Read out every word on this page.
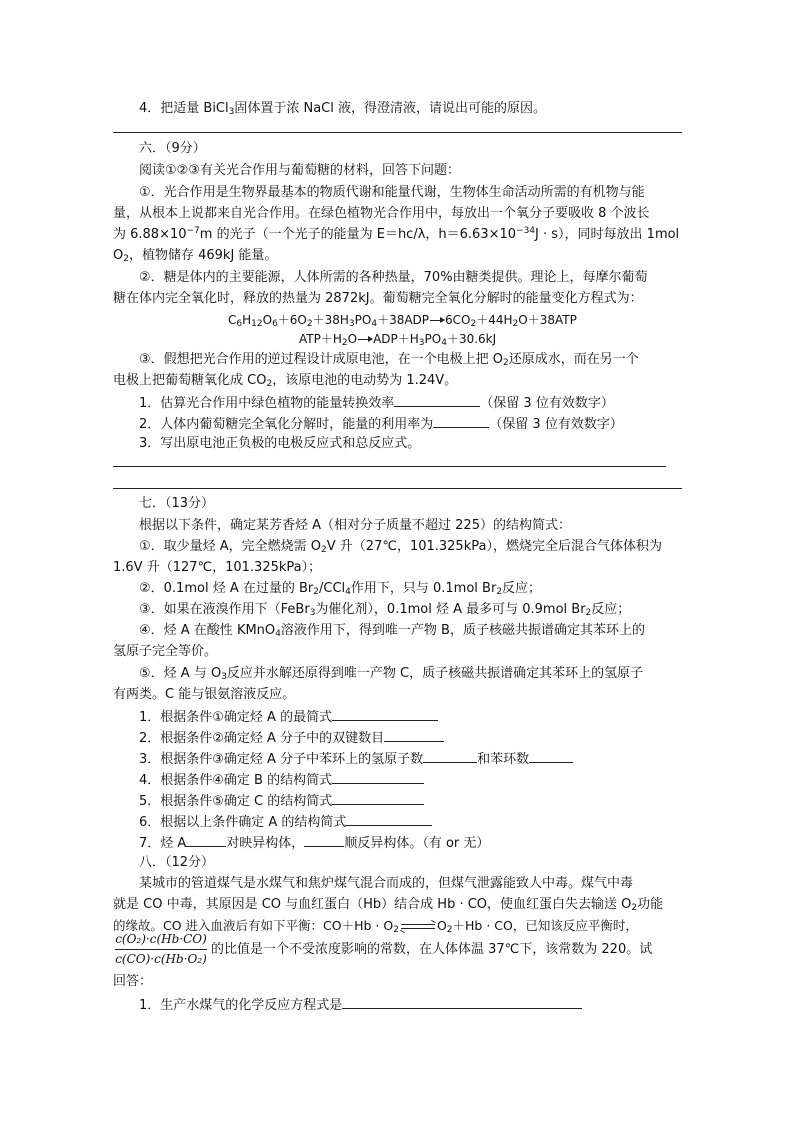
4．把适量 BiCl$_3$固体置于浓 NaCl 液，得澄清液，请说出可能的原因。
六．（9分）
阅读①②③有关光合作用与葡萄糖的材料，回答下问题：
①．光合作用是生物界最基本的物质代谢和能量代谢，生物体生命活动所需的有机物与能
量，从根本上说都来自光合作用。在绿色植物光合作用中，每放出一个氧分子要吸收 8 个波长
为 $6.88\times 10^{-7}m$ 的光子（一个光子的能量为 E＝hc/λ，$h=6.63\times 10^{-34}J \cdot s$），同时每放出 1mol
$O_2$，植物储存 469kJ 能量。
②．糖是体内的主要能源，人体所需的各种热量，70%由糖类提供。理论上，每摩尔葡萄
糖在体内完全氧化时，释放的热量为 2872kJ。葡萄糖完全氧化分解时的能量变化方程式为：
$C_6H_{12}O_6+6O_2+38H_3PO_4+38ADP\to 6CO_2+44H_2O+38ATP$
$ATP+H_2O\to ADP+H_3PO_4+30.6kJ$
③．假想把光合作用的逆过程设计成原电池，在一个电极上把 $O_2$还原成水，而在另一个
电极上把葡萄糖氧化成 $CO_2$，该原电池的电动势为 1.24V。
1．估算光合作用中绿色植物的能量转换效率	（保留 3 位有效数字）
2．人体内葡萄糖完全氧化分解时，能量的利用率为	（保留 3 位有效数字）
3．写出原电池正负极的电极反应式和总反应式。
七．（13分）
根据以下条件，确定某芳香烃 A（相对分子质量不超过 225）的结构简式：
①．取少量烃 A，完全燃烧需 $O_2V$ 升（27℃，101.325kPa），燃烧完全后混合气体体积为
1.6V 升（127℃，101.325kPa）；
②．0.1mol 烃 A 在过量的 $Br_2/CCl_4$作用下，只与 0.1mol $Br_2$反应；
③．如果在液溴作用下（FeBr$_3$为催化剂），0.1mol 烃 A 最多可与 0.9mol $Br_2$反应；
④．烃 A 在酸性 KMnO$_4$溶液作用下，得到唯一产物 B，质子核磁共振谱确定其苯环上的
氢原子完全等价。
⑤．烃 A 与 $O_3$反应并水解还原得到唯一产物 C，质子核磁共振谱确定其苯环上的氢原子
有两类。C 能与银氨溶液反应。
1．根据条件①确定烃 A 的最简式
2．根据条件②确定烃 A 分子中的双键数目
3．根据条件③确定烃 A 分子中苯环上的氢原子数	和苯环数
4．根据条件④确定 B 的结构简式
5．根据条件⑤确定 C 的结构简式
6．根据以上条件确定 A 的结构简式
7．烃 A	对映异构体，	顺反异构体。（有 or 无）
八．（12分）
某城市的管道煤气是水煤气和焦炉煤气混合而成的，但煤气泄露能致人中毒。煤气中毒
就是 CO 中毒，其原因是 CO 与血红蛋白（Hb）结合成 Hb · CO，使血红蛋白失去输送 $O_2$功能
的缘故。CO 进入血液后有如下平衡：$CO+Hb \cdot O_2\rightleftharpoons O_2+Hb$ · CO，已知该反应平衡时，
c(O₂)·c(Hb·CO)
c(CO)·c(Hb·O₂)
的比值是一个不受浓度影响的常数，在人体体温 37℃下，该常数为 220。试
回答：
1．生产水煤气的化学反应方程式是
